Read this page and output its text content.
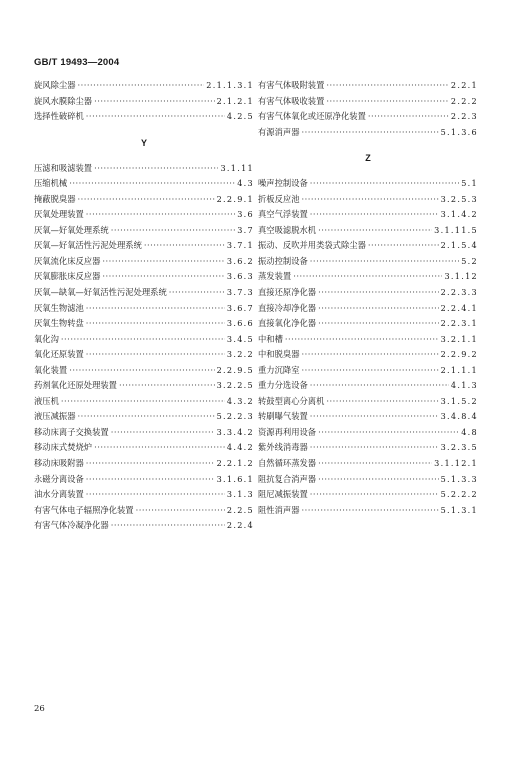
GB/T 19493—2004
旋风除尘器 ·····	2.1.1.3.1
旋风水膜除尘器 ·····	2.1.2.1
选择性破碎机 ·····	4.2.5
Y
压滤和吸滤装置 ·····	3.1.11
压缩机械 ·····	4.3
掩蔽脱臭器 ·····	2.2.9.1
厌氧处理装置 ·····	3.6
厌氧—好氧处理系统 ·····	3.7
厌氧—好氧活性污泥处理系统 ·····	3.7.1
厌氧流化床反应器 ·····	3.6.2
厌氧膨胀床反应器 ·····	3.6.3
厌氧—缺氧—好氧活性污泥处理系统 ·····	3.7.3
厌氧生物滤池 ·····	3.6.7
厌氧生物转盘 ·····	3.6.6
氧化沟 ·····	3.4.5
氧化还原装置 ·····	3.2.2
氧化装置 ·····	2.2.9.5
药剂氧化还原处理装置 ·····	3.2.2.5
液压机 ·····	4.3.2
液压减振器 ·····	5.2.2.3
移动床离子交换装置 ·····	3.3.4.2
移动床式焚烧炉 ·····	4.4.2
移动床吸附器 ·····	2.2.1.2
永磁分离设备 ·····	3.1.6.1
油水分离装置 ·····	3.1.3
有害气体电子辐照净化装置 ·····	2.2.5
有害气体冷凝净化器 ·····	2.2.4
有害气体吸附装置 ·····	2.2.1
有害气体吸收装置 ·····	2.2.2
有害气体氧化或还原净化装置 ·····	2.2.3
有源消声器 ·····	5.1.3.6
Z
噪声控制设备 ·····	5.1
折板反应池 ·····	3.2.5.3
真空气浮装置 ·····	3.1.4.2
真空吸滤脱水机 ·····	3.1.11.5
振动、反吹并用类袋式除尘器 ·····	2.1.5.4
振动控制设备 ·····	5.2
蒸发装置 ·····	3.1.12
直接还原净化器 ·····	2.2.3.3
直接冷却净化器 ·····	2.2.4.1
直接氧化净化器 ·····	2.2.3.1
中和槽 ·····	3.2.1.1
中和脱臭器 ·····	2.2.9.2
重力沉降室 ·····	2.1.1.1
重力分选设备 ·····	4.1.3
转鼓型离心分离机 ·····	3.1.5.2
转刷曝气装置 ·····	3.4.8.4
资源再利用设备 ·····	4.8
紫外线消毒器 ·····	3.2.3.5
自然循环蒸发器 ·····	3.1.12.1
阻抗复合消声器 ·····	5.1.3.3
阻尼减振装置 ·····	5.2.2.2
阻性消声器 ·····	5.1.3.1
26
